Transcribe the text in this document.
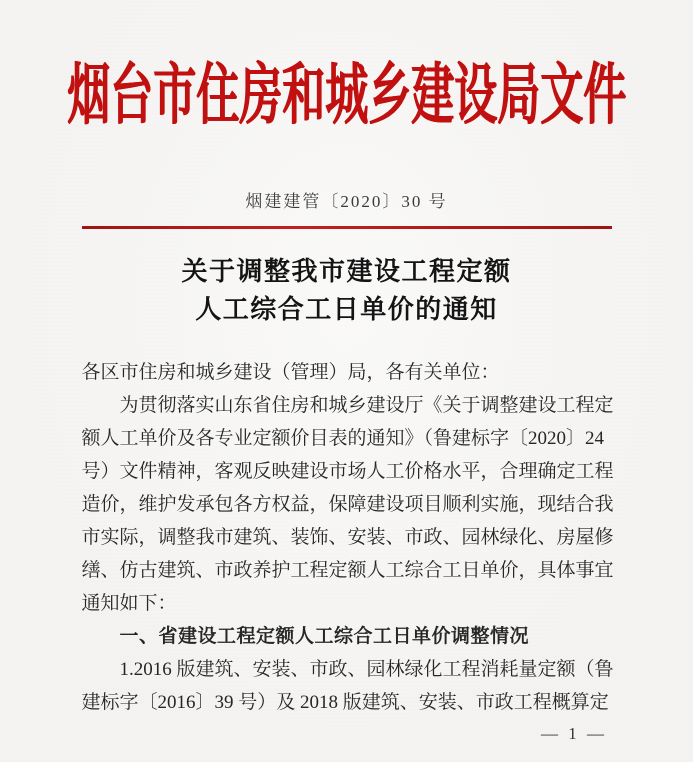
烟台市住房和城乡建设局文件
烟建建管〔2020〕30 号
关于调整我市建设工程定额
人工综合工日单价的通知
各区市住房和城乡建设（管理）局，各有关单位：
为贯彻落实山东省住房和城乡建设厅《关于调整建设工程定
额人工单价及各专业定额价目表的通知》（鲁建标字〔2020〕24
号）文件精神，客观反映建设市场人工价格水平，合理确定工程
造价，维护发承包各方权益，保障建设项目顺利实施，现结合我
市实际，调整我市建筑、装饰、安装、市政、园林绿化、房屋修
缮、仿古建筑、市政养护工程定额人工综合工日单价，具体事宜
通知如下：
一、省建设工程定额人工综合工日单价调整情况
1.2016 版建筑、安装、市政、园林绿化工程消耗量定额（鲁
建标字〔2016〕39 号）及 2018 版建筑、安装、市政工程概算定
— 1 —
